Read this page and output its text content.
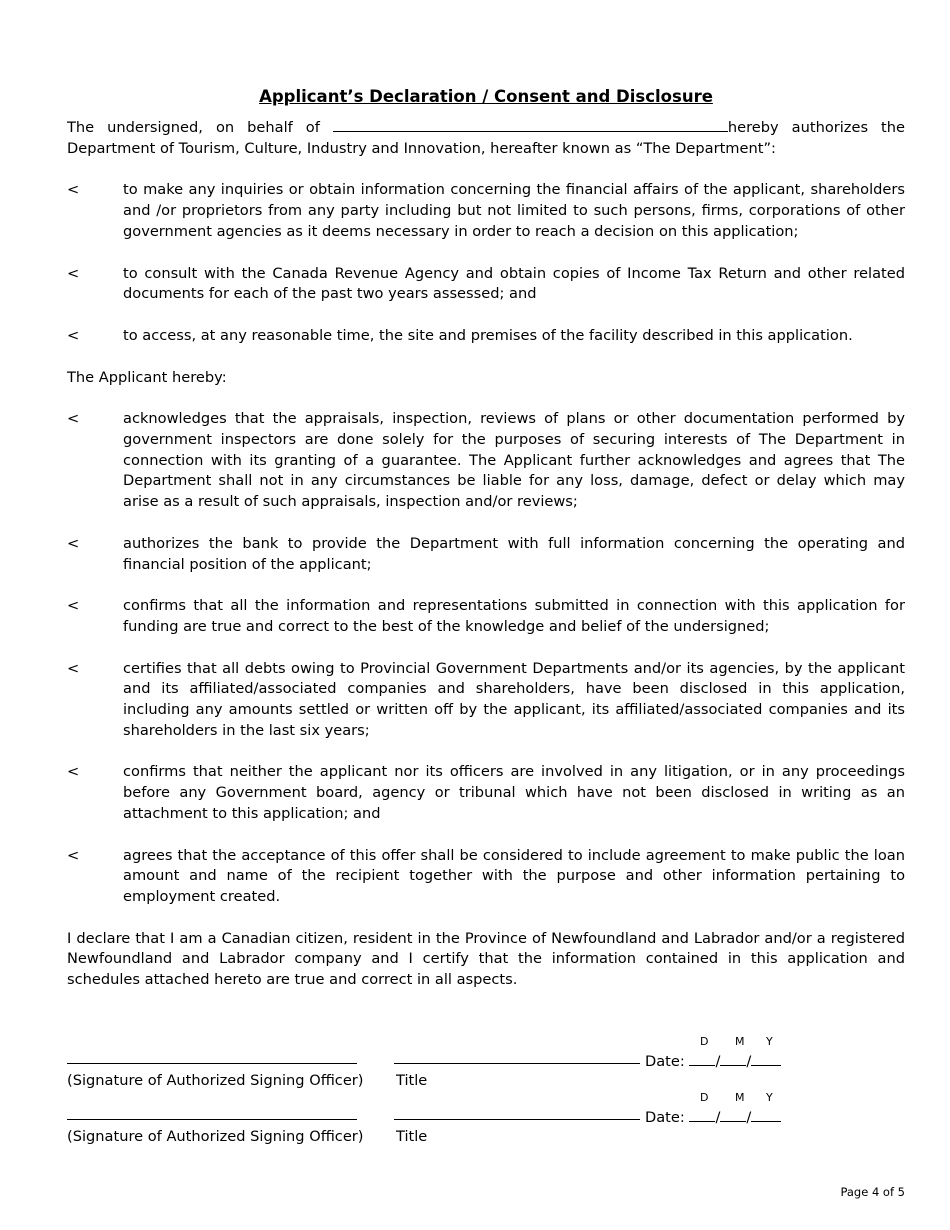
Applicant’s Declaration / Consent and Disclosure

The undersigned, on behalf of	hereby authorizes the Department of Tourism, Culture, Industry and Innovation, hereafter known as “The Department”:

<	to make any inquiries or obtain information concerning the financial affairs of the applicant, shareholders and /or proprietors from any party including but not limited to such persons, firms, corporations of other government agencies as it deems necessary in order to reach a decision on this application;
<	to consult with the Canada Revenue Agency and obtain copies of Income Tax Return and other related documents for each of the past two years assessed; and
<	to access, at any reasonable time, the site and premises of the facility described in this application.

The Applicant hereby:

<	acknowledges that the appraisals, inspection, reviews of plans or other documentation performed by government inspectors are done solely for the purposes of securing interests of The Department in connection with its granting of a guarantee. The Applicant further acknowledges and agrees that The Department shall not in any circumstances be liable for any loss, damage, defect or delay which may arise as a result of such appraisals, inspection and/or reviews;
<	authorizes the bank to provide the Department with full information concerning the operating and financial position of the applicant;
<	confirms that all the information and representations submitted in connection with this application for funding are true and correct to the best of the knowledge and belief of the undersigned;
<	certifies that all debts owing to Provincial Government Departments and/or its agencies, by the applicant and its affiliated/associated companies and shareholders, have been disclosed in this application, including any amounts settled or written off by the applicant, its affiliated/associated companies and its shareholders in the last six years;
<	confirms that neither the applicant nor its officers are involved in any litigation, or in any proceedings before any Government board, agency or tribunal which have not been disclosed in writing as an attachment to this application; and
<	agrees that the acceptance of this offer shall be considered to include agreement to make public the loan amount and name of the recipient together with the purpose and other information pertaining to employment created.

I declare that I am a Canadian citizen, resident in the Province of Newfoundland and Labrador and/or a registered Newfoundland and Labrador company and I certify that the information contained in this application and schedules attached hereto are true and correct in all aspects.

D M Y
Date: / /
(Signature of Authorized Signing Officer) Title
D M Y
Date: / /
(Signature of Authorized Signing Officer) Title
Page 4 of 5
